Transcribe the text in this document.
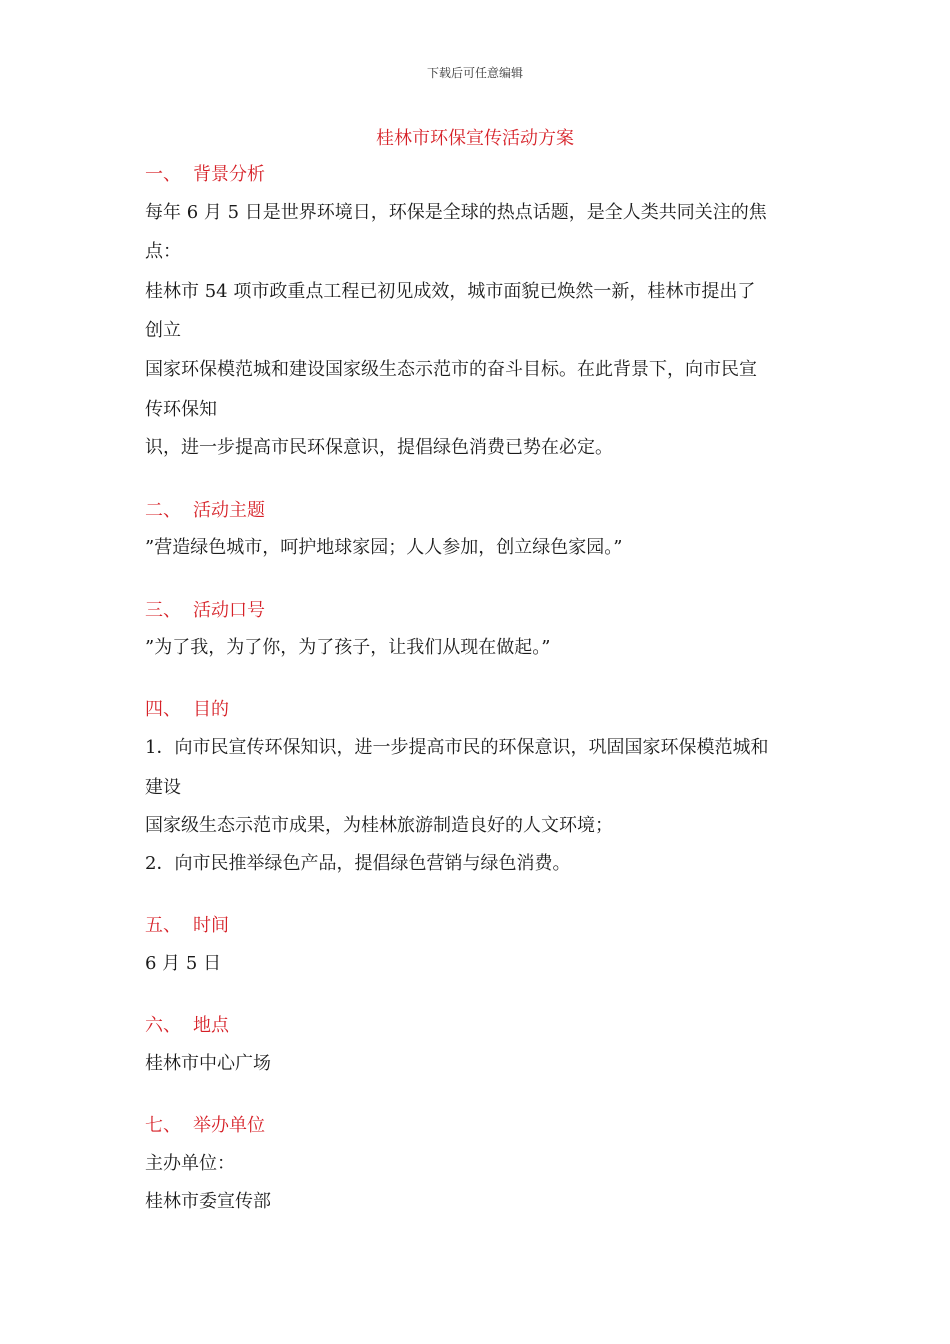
下载后可任意编辑
桂林市环保宣传活动方案
一、 背景分析
每年 6 月 5 日是世界环境日，环保是全球的热点话题，是全人类共同关注的焦
点：
桂林市 54 项市政重点工程已初见成效，城市面貌已焕然一新，桂林市提出了
创立
国家环保模范城和建设国家级生态示范市的奋斗目标。在此背景下，向市民宣
传环保知
识，进一步提高市民环保意识，提倡绿色消费已势在必定。
二、 活动主题
”营造绿色城市，呵护地球家园；人人参加，创立绿色家园。”
三、 活动口号
”为了我，为了你，为了孩子，让我们从现在做起。”
四、 目的
1．向市民宣传环保知识，进一步提高市民的环保意识，巩固国家环保模范城和
建设
国家级生态示范市成果，为桂林旅游制造良好的人文环境；
2．向市民推举绿色产品，提倡绿色营销与绿色消费。
五、 时间
6 月 5 日
六、 地点
桂林市中心广场
七、 举办单位
主办单位：
桂林市委宣传部
